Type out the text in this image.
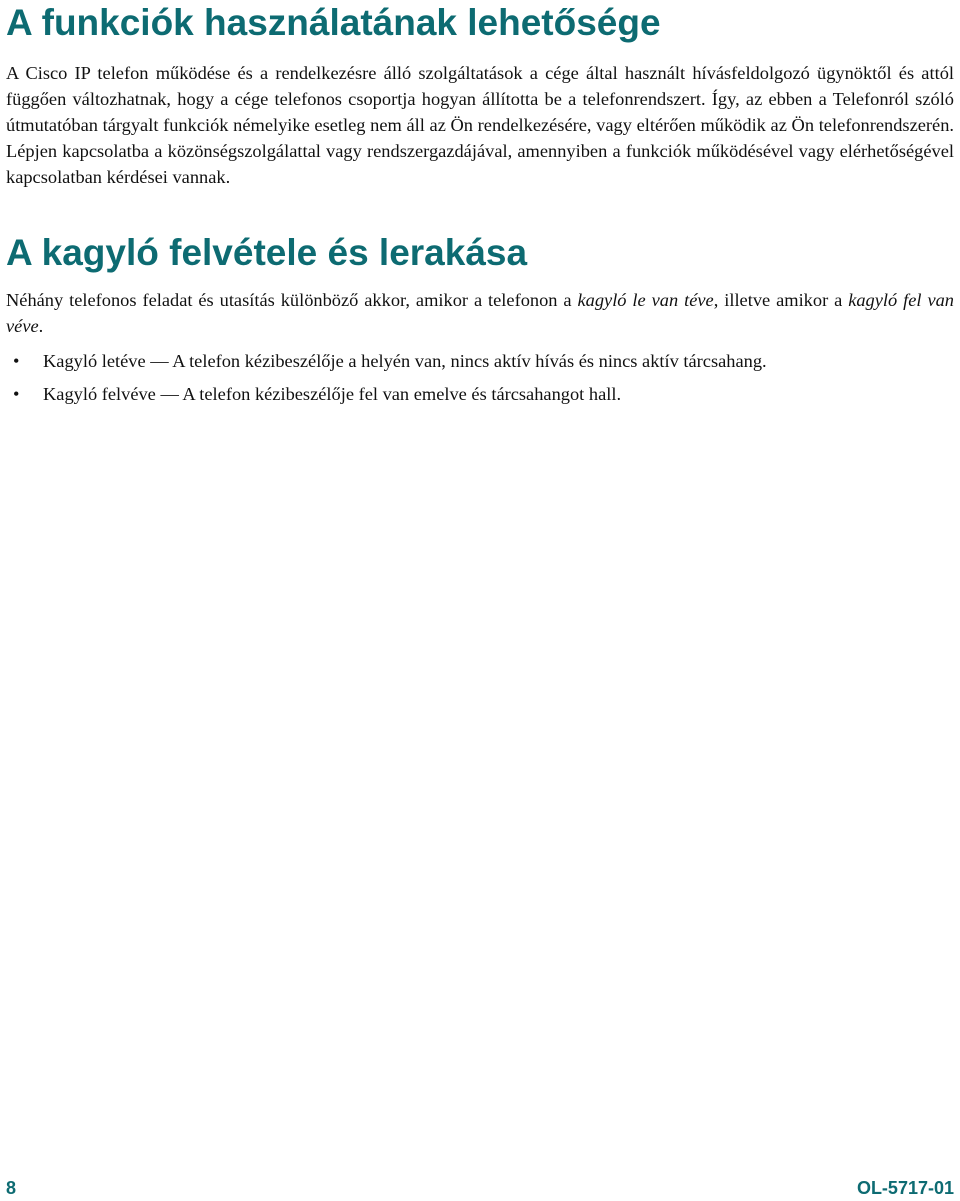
A funkciók használatának lehetősége

A Cisco IP telefon működése és a rendelkezésre álló szolgáltatások a cége által használt hívásfeldolgozó ügynöktől és attól függően változhatnak, hogy a cége telefonos csoportja hogyan állította be a telefonrendszert. Így, az ebben a Telefonról szóló útmutatóban tárgyalt funkciók némelyike esetleg nem áll az Ön rendelkezésére, vagy eltérően működik az Ön telefonrendszerén. Lépjen kapcsolatba a közönségszolgálattal vagy rendszergazdájával, amennyiben a funkciók működésével vagy elérhetőségével kapcsolatban kérdései vannak.

A kagyló felvétele és lerakása

Néhány telefonos feladat és utasítás különböző akkor, amikor a telefonon a kagyló le van téve, illetve amikor a kagyló fel van véve.

• Kagyló letéve — A telefon kézibeszélője a helyén van, nincs aktív hívás és nincs aktív tárcsahang.
• Kagyló felvéve — A telefon kézibeszélője fel van emelve és tárcsahangot hall.
8	OL-5717-01
